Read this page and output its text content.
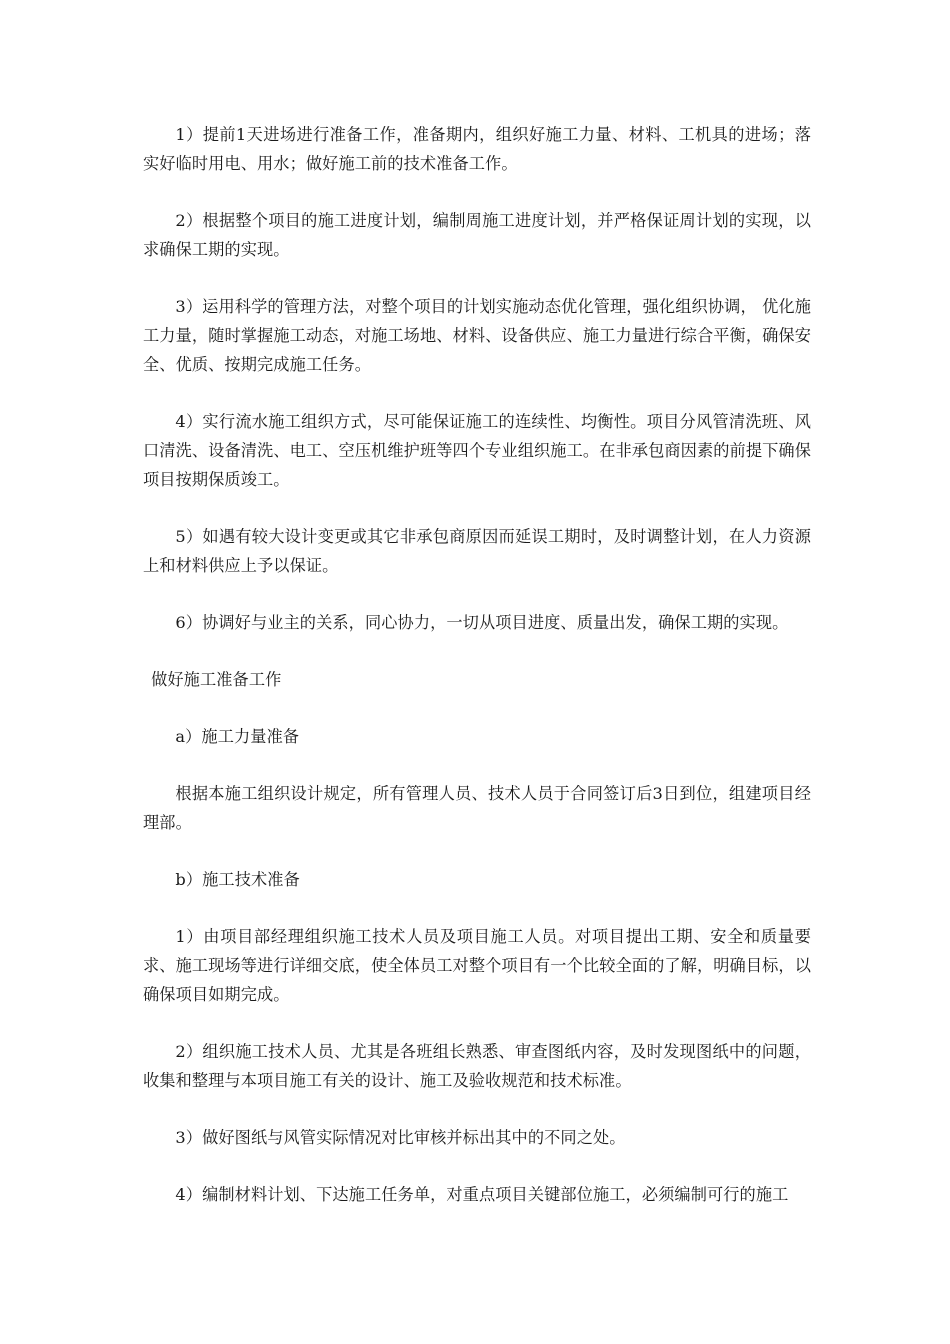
1）提前1天进场进行准备工作，准备期内，组织好施工力量、材料、工机具的进场；落实好临时用电、用水；做好施工前的技术准备工作。

2）根据整个项目的施工进度计划，编制周施工进度计划，并严格保证周计划的实现，以求确保工期的实现。

3）运用科学的管理方法，对整个项目的计划实施动态优化管理，强化组织协调， 优化施工力量，随时掌握施工动态，对施工场地、材料、设备供应、施工力量进行综合平衡，确保安全、优质、按期完成施工任务。

4）实行流水施工组织方式，尽可能保证施工的连续性、均衡性。项目分风管清洗班、风口清洗、设备清洗、电工、空压机维护班等四个专业组织施工。在非承包商因素的前提下确保项目按期保质竣工。

5）如遇有较大设计变更或其它非承包商原因而延误工期时，及时调整计划，在人力资源上和材料供应上予以保证。

6）协调好与业主的关系，同心协力，一切从项目进度、质量出发，确保工期的实现。

做好施工准备工作

a）施工力量准备

根据本施工组织设计规定，所有管理人员、技术人员于合同签订后3日到位，组建项目经理部。

b）施工技术准备

1）由项目部经理组织施工技术人员及项目施工人员。对项目提出工期、安全和质量要求、施工现场等进行详细交底，使全体员工对整个项目有一个比较全面的了解，明确目标，以确保项目如期完成。

2）组织施工技术人员、尤其是各班组长熟悉、审查图纸内容，及时发现图纸中的问题，收集和整理与本项目施工有关的设计、施工及验收规范和技术标准。

3）做好图纸与风管实际情况对比审核并标出其中的不同之处。

4）编制材料计划、下达施工任务单，对重点项目关键部位施工，必须编制可行的施工
